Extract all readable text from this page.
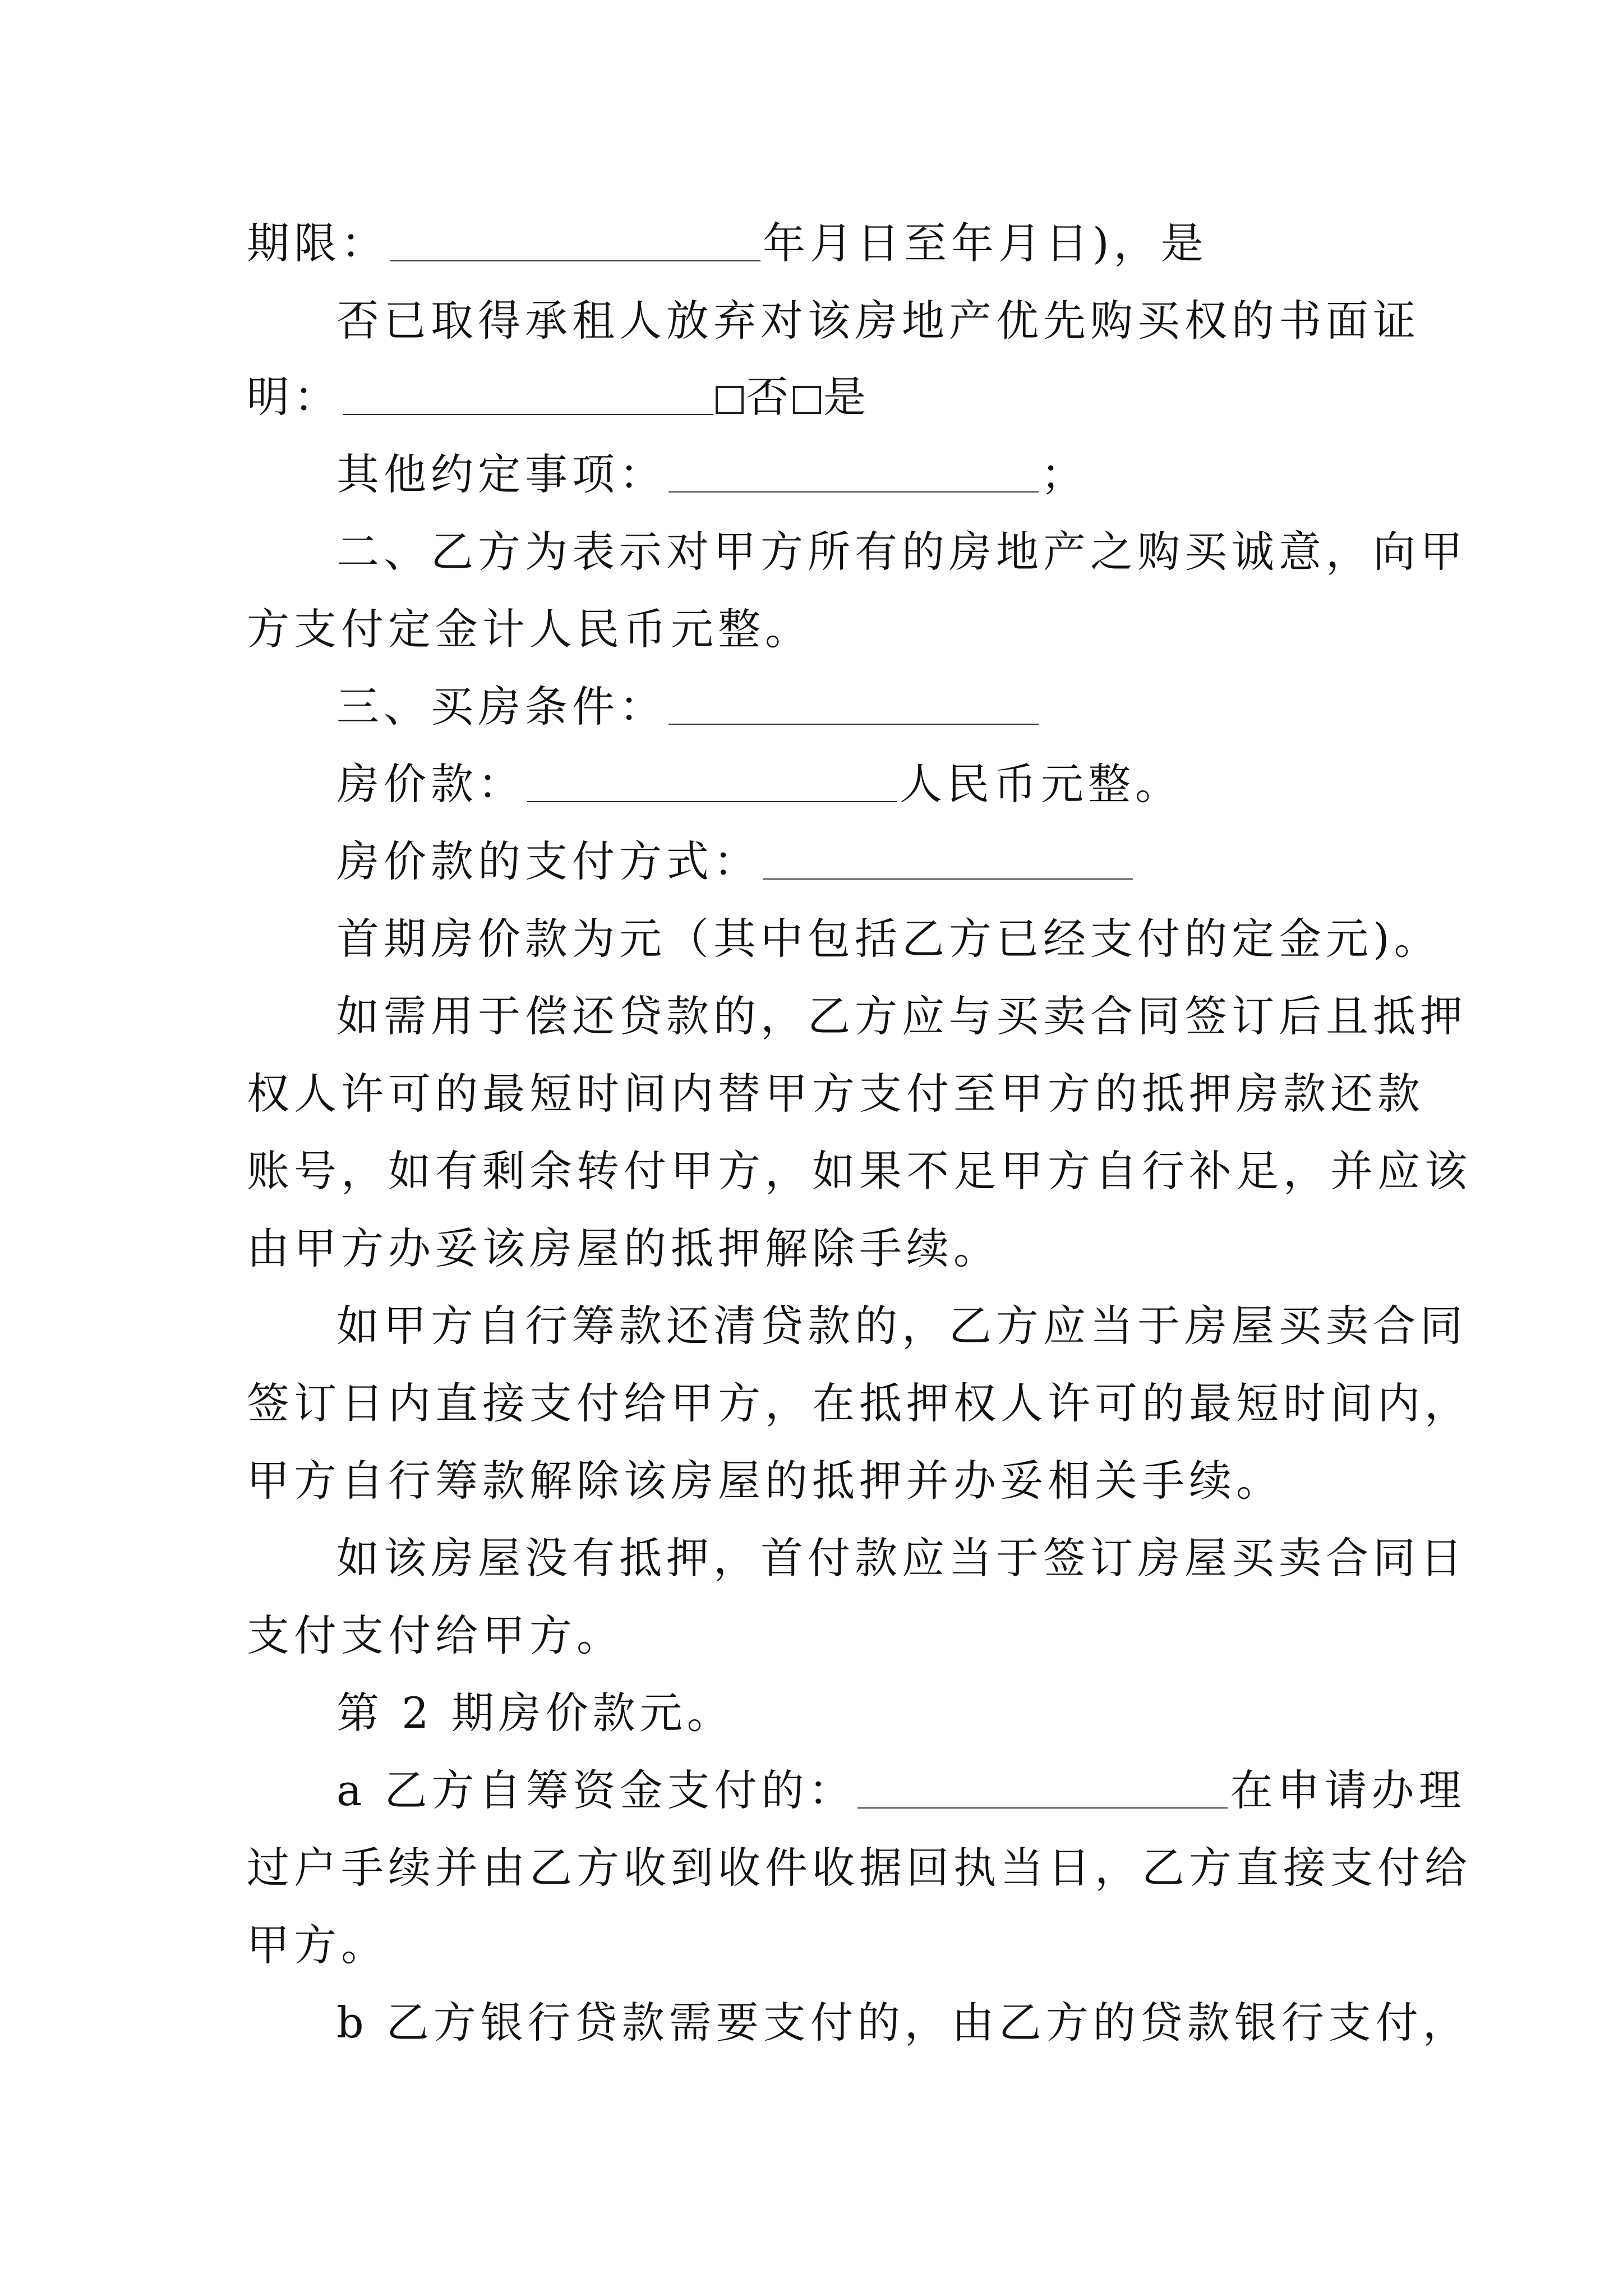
期限：	年月日至年月日)，是
否已取得承租人放弃对该房地产优先购买权的书面证
明：	否 是
其他约定事项：	；
二、乙方为表示对甲方所有的房地产之购买诚意，向甲
方支付定金计人民币元整。
三、买房条件：
房价款：	人民币元整。
房价款的支付方式：
首期房价款为元（其中包括乙方已经支付的定金元)。
如需用于偿还贷款的，乙方应与买卖合同签订后且抵押
权人许可的最短时间内替甲方支付至甲方的抵押房款还款
账号，如有剩余转付甲方，如果不足甲方自行补足，并应该
由甲方办妥该房屋的抵押解除手续。
如甲方自行筹款还清贷款的，乙方应当于房屋买卖合同
签订日内直接支付给甲方，在抵押权人许可的最短时间内，
甲方自行筹款解除该房屋的抵押并办妥相关手续。
如该房屋没有抵押，首付款应当于签订房屋买卖合同日
支付支付给甲方。
第 2 期房价款元。
a 乙方自筹资金支付的：	在申请办理
过户手续并由乙方收到收件收据回执当日，乙方直接支付给
甲方。
b 乙方银行贷款需要支付的，由乙方的贷款银行支付，
